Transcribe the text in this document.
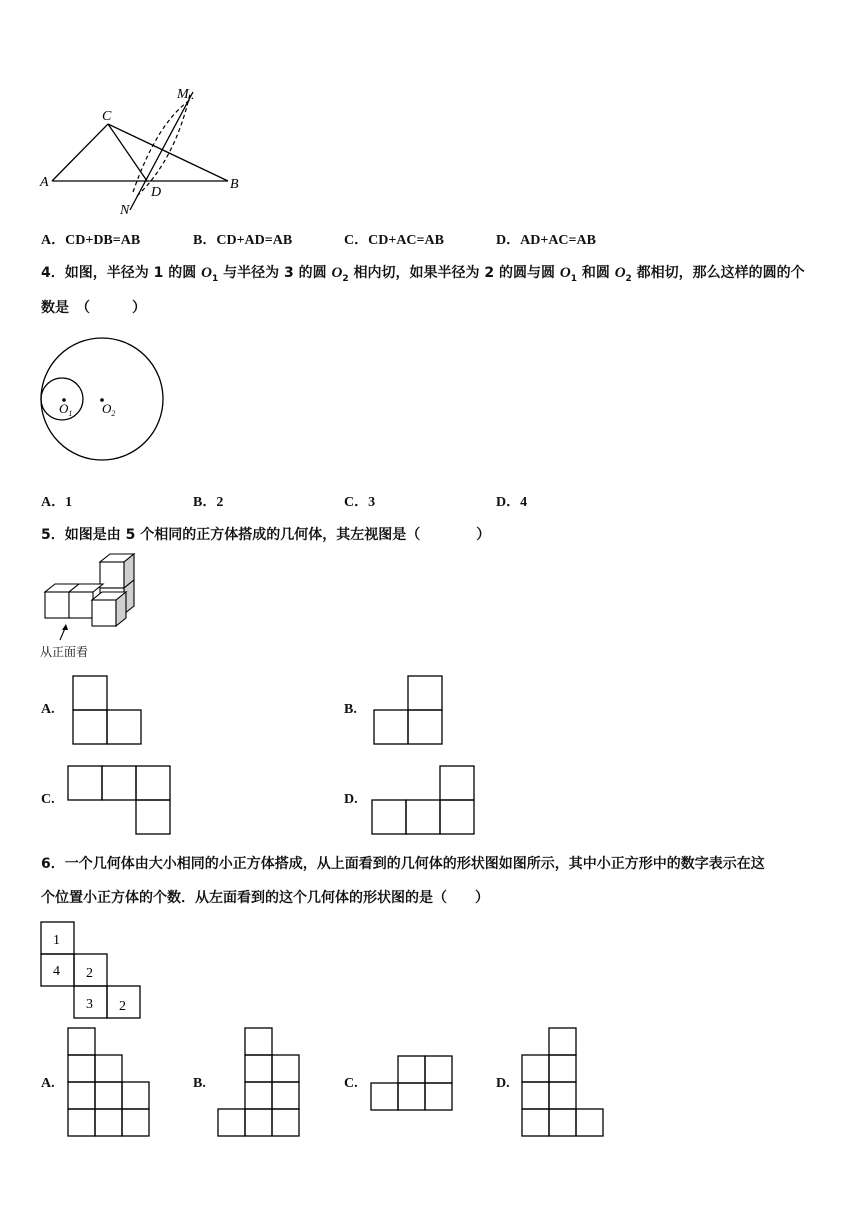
A	B
C
D
M
N
A．CD+DB=AB	B．CD+AD=AB	C．CD+AC=AB	D．AD+AC=AB
4．如图，半径为 1 的圆 $O_1$ 与半径为 3 的圆 $O_2$ 相内切，如果半径为 2 的圆与圆 $O_1$ 和圆 $O_2$ 都相切，那么这样的圆的个
数是　（　　　）
$O_1$ $O_2$
A．1	B．2	C．3	D．4
5．如图是由 5 个相同的正方体搭成的几何体，其左视图是（　　　　）
从正面看
A.	B.
C.	D.
6．一个几何体由大小相同的小正方体搭成，从上面看到的几何体的形状图如图所示，其中小正方形中的数字表示在这
个位置小正方体的个数．从左面看到的这个几何体的形状图的是（　　）
1
4 2
3 2
A.	B.	C.	D.
